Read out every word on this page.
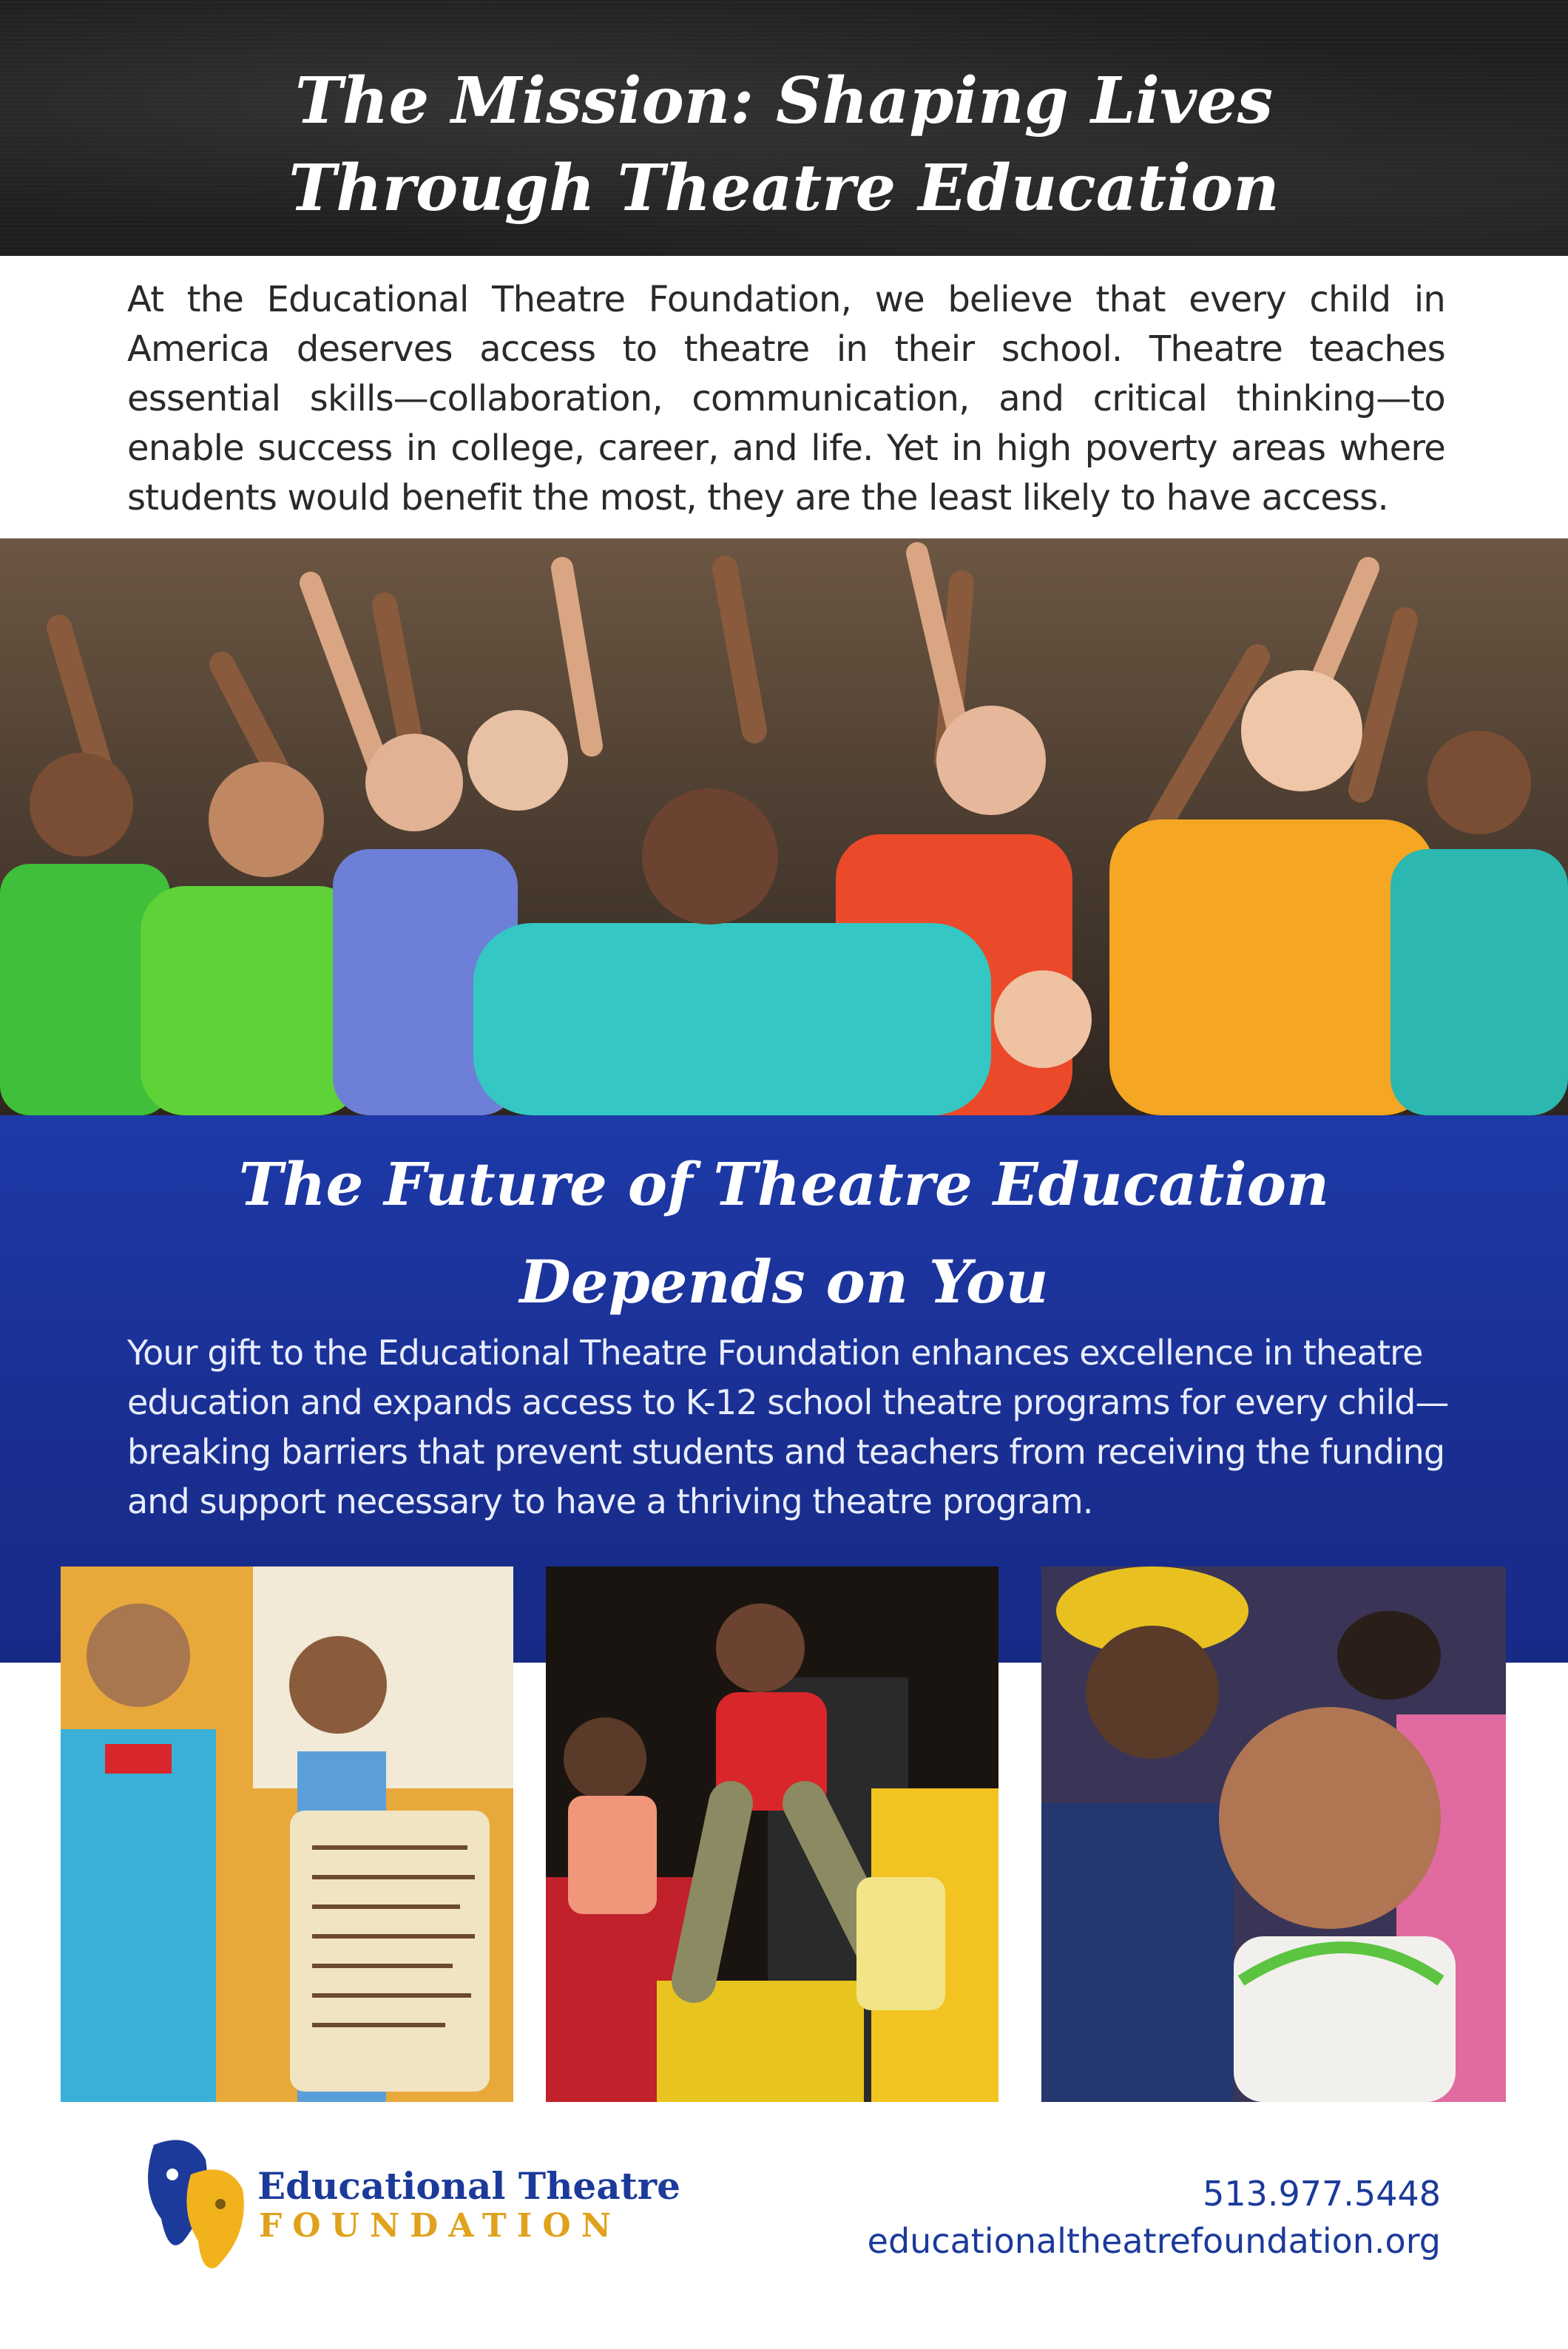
The Mission: Shaping Lives
Through Theatre Education

At the Educational Theatre Foundation, we believe that every child in America deserves access to theatre in their school. Theatre teaches essential skills—collaboration, communication, and critical thinking—to enable success in college, career, and life. Yet in high poverty areas where students would benefit the most, they are the least likely to have access.

The Future of Theatre Education
Depends on You

Your gift to the Educational Theatre Foundation enhances excellence in theatre education and expands access to K-12 school theatre programs for every child—breaking barriers that prevent students and teachers from receiving the funding and support necessary to have a thriving theatre program.

Educational Theatre
FOUNDATION
513.977.5448
educationaltheatrefoundation.org
